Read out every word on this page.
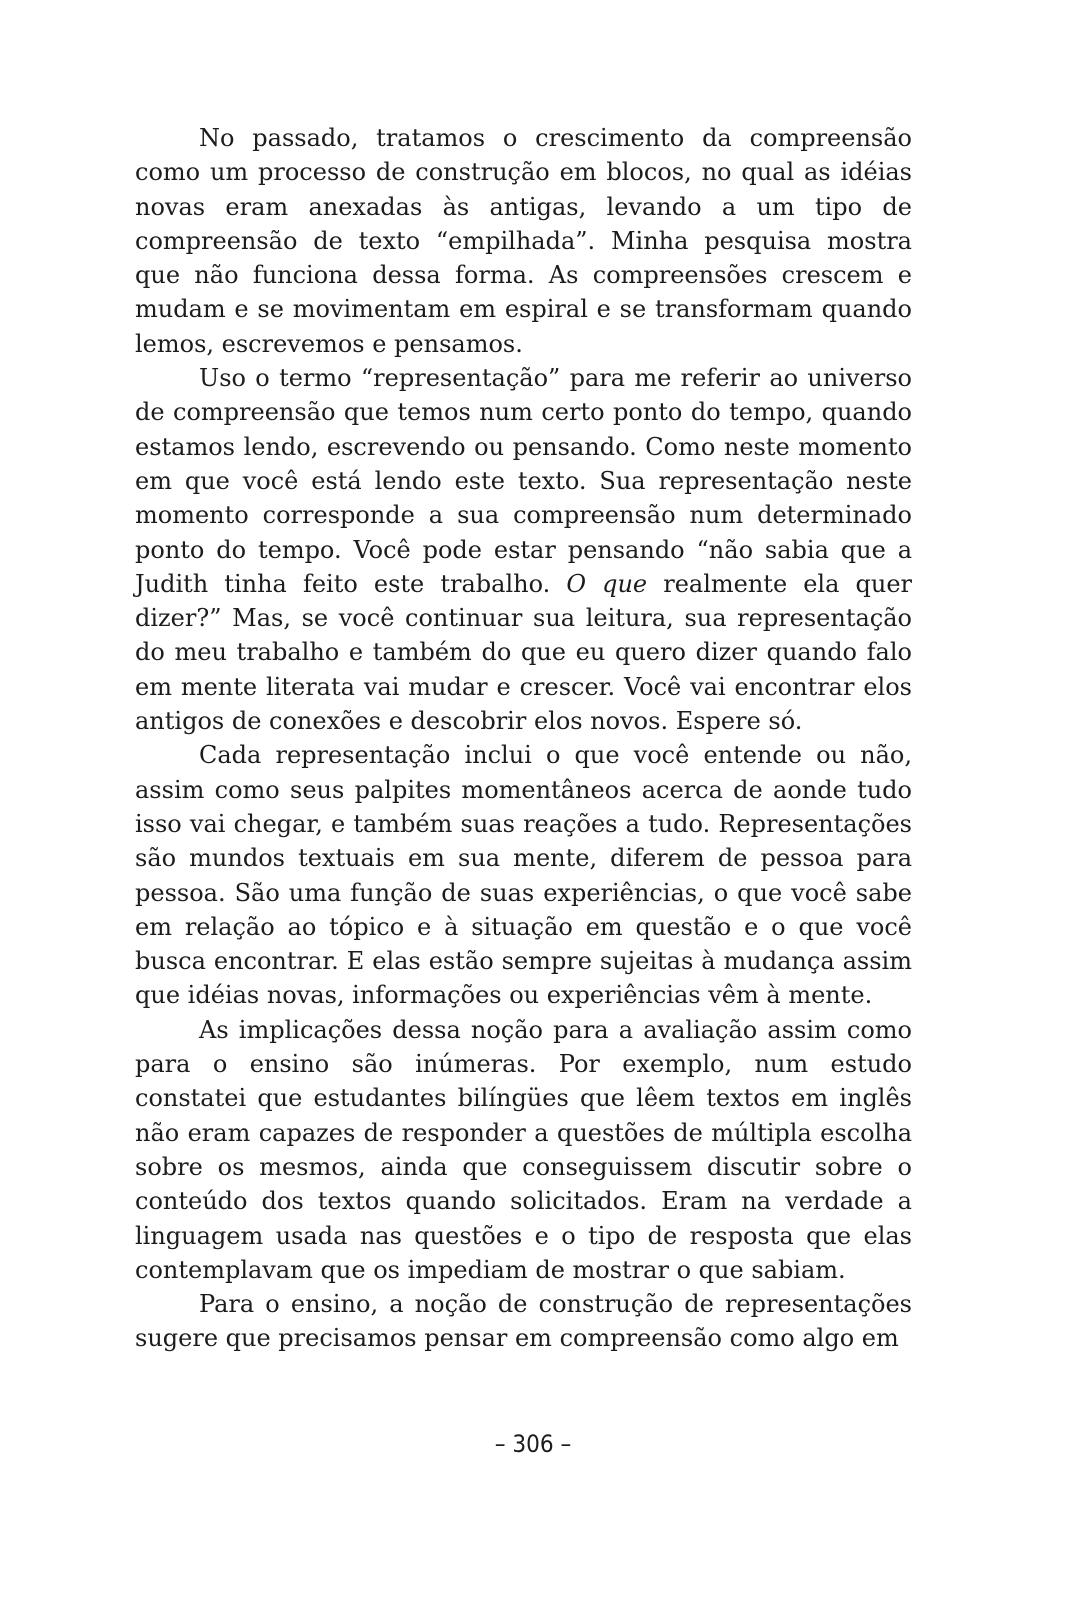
No passado, tratamos o crescimento da compreensão como um processo de construção em blocos, no qual as idéias novas eram anexadas às antigas, levando a um tipo de compreensão de texto “empilhada”. Minha pesquisa mostra que não funciona dessa forma. As compreensões crescem e mudam e se movimentam em espiral e se transformam quando lemos, escrevemos e pensamos.

Uso o termo “representação” para me referir ao universo de compreensão que temos num certo ponto do tempo, quando estamos lendo, escrevendo ou pensando. Como neste momento em que você está lendo este texto. Sua representação neste momento corresponde a sua compreensão num determinado ponto do tempo. Você pode estar pensando “não sabia que a Judith tinha feito este trabalho. O que realmente ela quer dizer?” Mas, se você continuar sua leitura, sua representação do meu trabalho e também do que eu quero dizer quando falo em mente literata vai mudar e crescer. Você vai encontrar elos antigos de conexões e descobrir elos novos. Espere só.

Cada representação inclui o que você entende ou não, assim como seus palpites momentâneos acerca de aonde tudo isso vai chegar, e também suas reações a tudo. Representações são mundos textuais em sua mente, diferem de pessoa para pessoa. São uma função de suas experiências, o que você sabe em relação ao tópico e à situação em questão e o que você busca encontrar. E elas estão sempre sujeitas à mudança assim que idéias novas, informações ou experiências vêm à mente.

As implicações dessa noção para a avaliação assim como para o ensino são inúmeras. Por exemplo, num estudo constatei que estudantes bilíngües que lêem textos em inglês não eram capazes de responder a questões de múltipla escolha sobre os mesmos, ainda que conseguissem discutir sobre o conteúdo dos textos quando solicitados. Eram na verdade a linguagem usada nas questões e o tipo de resposta que elas contemplavam que os impediam de mostrar o que sabiam.

Para o ensino, a noção de construção de representações sugere que precisamos pensar em compreensão como algo em

– 306 –
